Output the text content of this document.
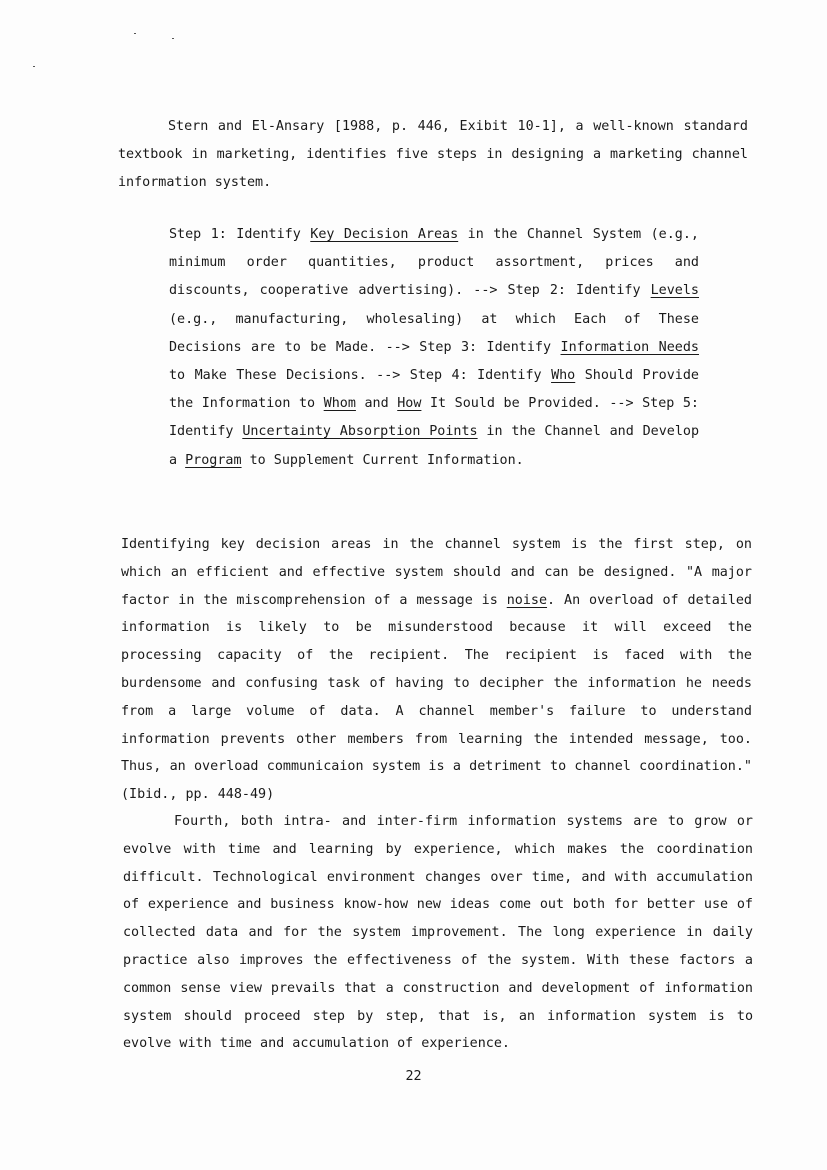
Stern and El-Ansary [1988, p. 446, Exibit 10-1], a well-known standard textbook in marketing, identifies five steps in designing a marketing channel information system.

Step 1: Identify Key Decision Areas in the Channel System (e.g., minimum order quantities, product assortment, prices and discounts, cooperative advertising). --> Step 2: Identify Levels (e.g., manufacturing, wholesaling) at which Each of These Decisions are to be Made. --> Step 3: Identify Information Needs to Make These Decisions. --> Step 4: Identify Who Should Provide the Information to Whom and How It Sould be Provided. --> Step 5: Identify Uncertainty Absorption Points in the Channel and Develop a Program to Supplement Current Information.

Identifying key decision areas in the channel system is the first step, on which an efficient and effective system should and can be designed. "A major factor in the miscomprehension of a message is noise. An overload of detailed information is likely to be misunderstood because it will exceed the processing capacity of the recipient. The recipient is faced with the burdensome and confusing task of having to decipher the information he needs from a large volume of data. A channel member's failure to understand information prevents other members from learning the intended message, too. Thus, an overload communicaion system is a detriment to channel coordination." (Ibid., pp. 448-49)

Fourth, both intra- and inter-firm information systems are to grow or evolve with time and learning by experience, which makes the coordination difficult. Technological environment changes over time, and with accumulation of experience and business know-how new ideas come out both for better use of collected data and for the system improvement. The long experience in daily practice also improves the effectiveness of the system. With these factors a common sense view prevails that a construction and development of information system should proceed step by step, that is, an information system is to evolve with time and accumulation of experience.

22
